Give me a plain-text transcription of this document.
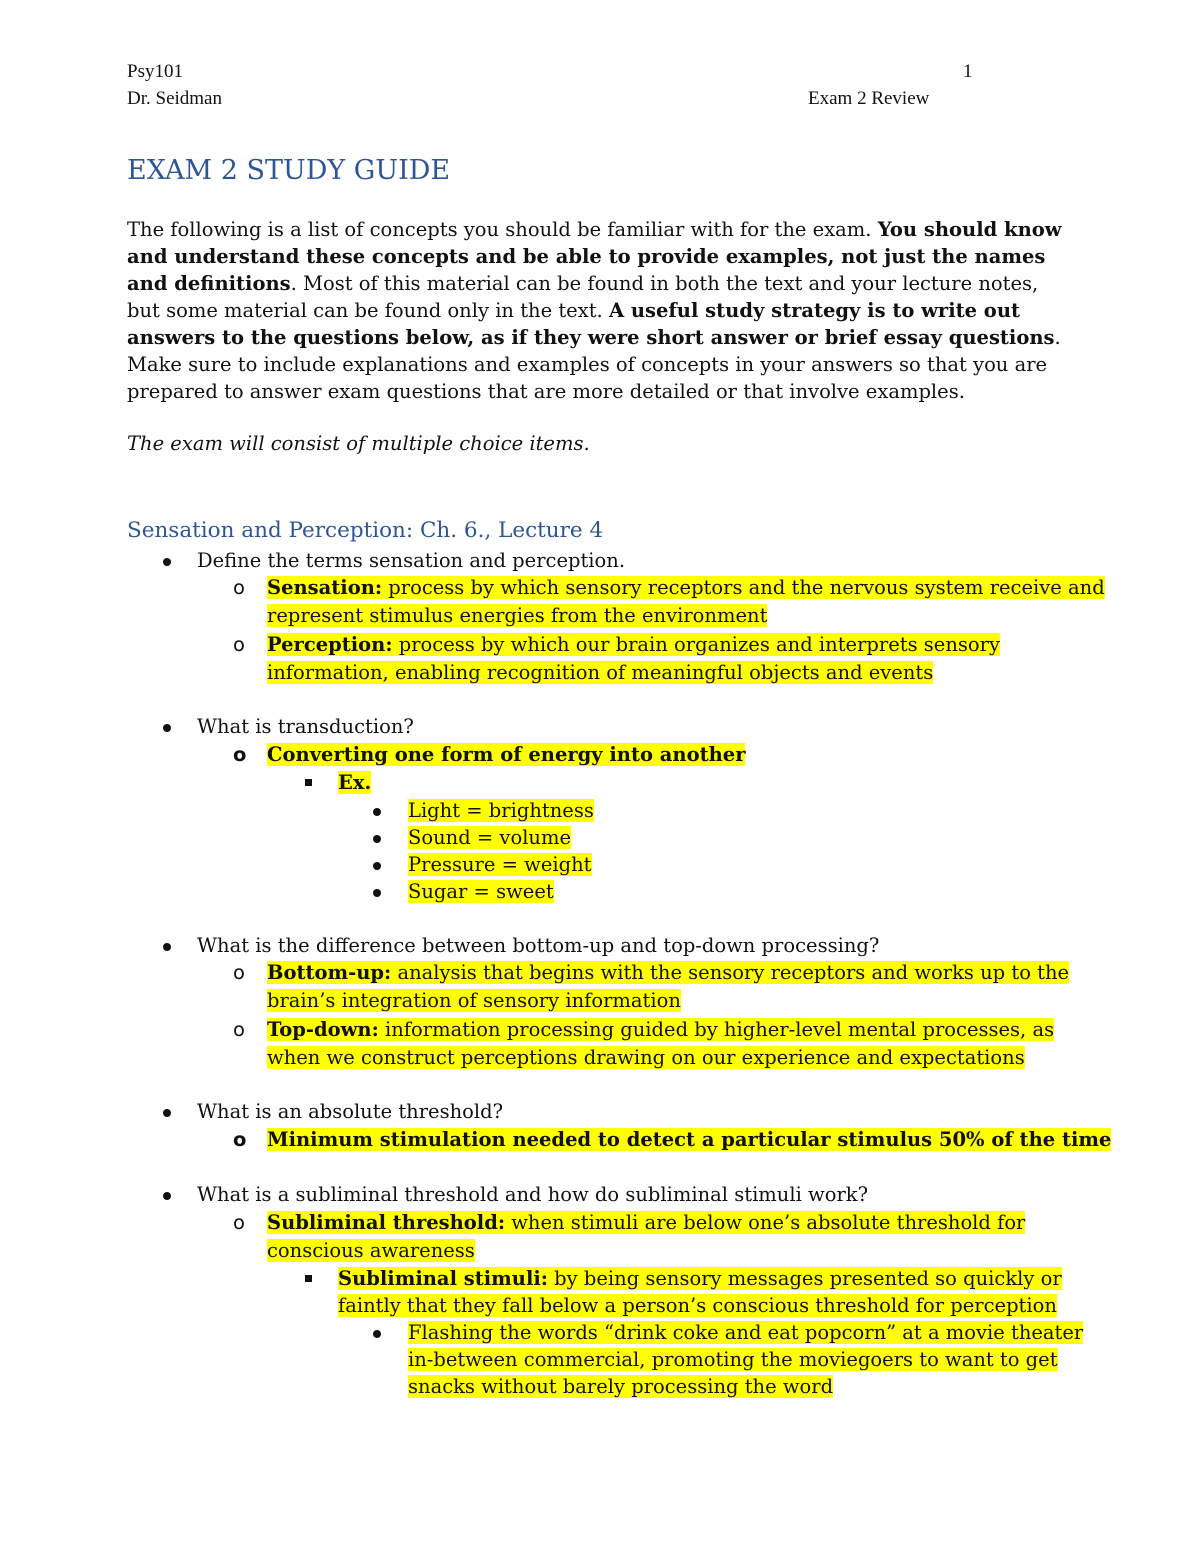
Psy101
Dr. Seidman
1
Exam 2 Review
EXAM 2 STUDY GUIDE
The following is a list of concepts you should be familiar with for the exam. You should know and understand these concepts and be able to provide examples, not just the names and definitions. Most of this material can be found in both the text and your lecture notes, but some material can be found only in the text. A useful study strategy is to write out answers to the questions below, as if they were short answer or brief essay questions. Make sure to include explanations and examples of concepts in your answers so that you are prepared to answer exam questions that are more detailed or that involve examples.
The exam will consist of multiple choice items.
Sensation and Perception: Ch. 6., Lecture 4
Define the terms sensation and perception.
o Sensation: process by which sensory receptors and the nervous system receive and
represent stimulus energies from the environment
o Perception: process by which our brain organizes and interprets sensory
information, enabling recognition of meaningful objects and events
What is transduction?
o Converting one form of energy into another
Ex.
Light = brightness
Sound = volume
Pressure = weight
Sugar = sweet
What is the difference between bottom-up and top-down processing?
o Bottom-up: analysis that begins with the sensory receptors and works up to the
brain’s integration of sensory information
o Top-down: information processing guided by higher-level mental processes, as
when we construct perceptions drawing on our experience and expectations
What is an absolute threshold?
o Minimum stimulation needed to detect a particular stimulus 50% of the time
What is a subliminal threshold and how do subliminal stimuli work?
o Subliminal threshold: when stimuli are below one’s absolute threshold for
conscious awareness
Subliminal stimuli: by being sensory messages presented so quickly or
faintly that they fall below a person’s conscious threshold for perception
Flashing the words “drink coke and eat popcorn” at a movie theater
in-between commercial, promoting the moviegoers to want to get
snacks without barely processing the word
